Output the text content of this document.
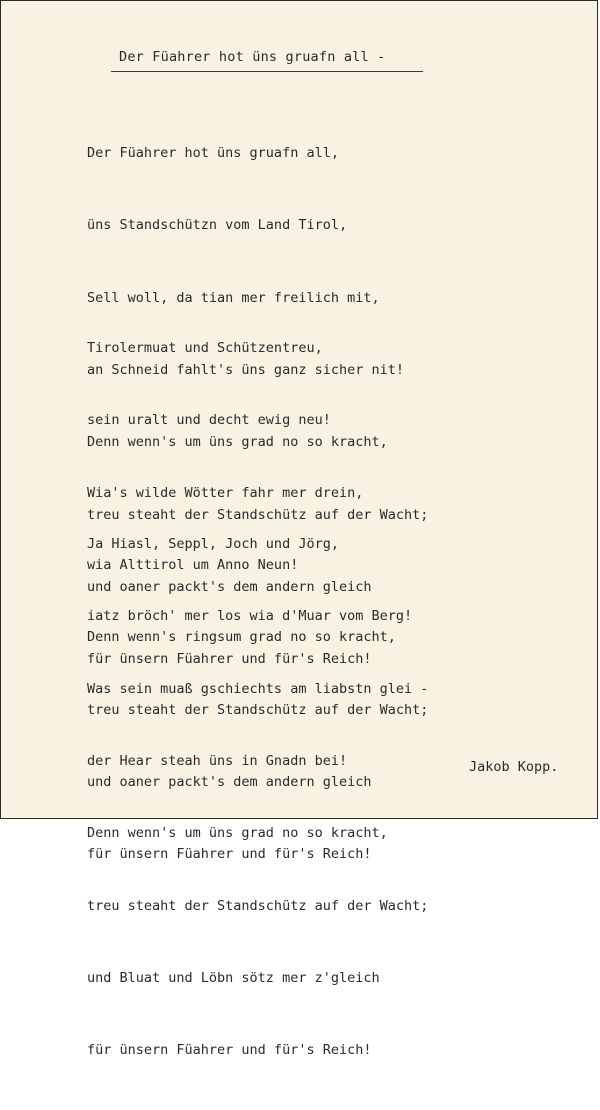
Der Füahrer hot üns gruafn all -

Der Füahrer hot üns gruafn all,

üns Standschützn vom Land Tirol,

Sell woll, da tian mer freilich mit,

an Schneid fahlt's üns ganz sicher nit!

Denn wenn's um üns grad no so kracht,

treu steaht der Standschütz auf der Wacht;

und oaner packt's dem andern gleich

für ünsern Füahrer und für's Reich!

Tirolermuat und Schützentreu,

sein uralt und decht ewig neu!

Wia's wilde Wötter fahr mer drein,

wia Alttirol um Anno Neun!

Denn wenn's ringsum grad no so kracht,

treu steaht der Standschütz auf der Wacht;

und oaner packt's dem andern gleich

für ünsern Füahrer und für's Reich!

Ja Hiasl, Seppl, Joch und Jörg,

iatz bröch' mer los wia d'Muar vom Berg!

Was sein muaß gschiechts am liabstn glei -

der Hear steah üns in Gnadn bei!

Denn wenn's um üns grad no so kracht,

treu steaht der Standschütz auf der Wacht;

und Bluat und Löbn sötz mer z'gleich

für ünsern Füahrer und für's Reich!

Jakob Kopp.
